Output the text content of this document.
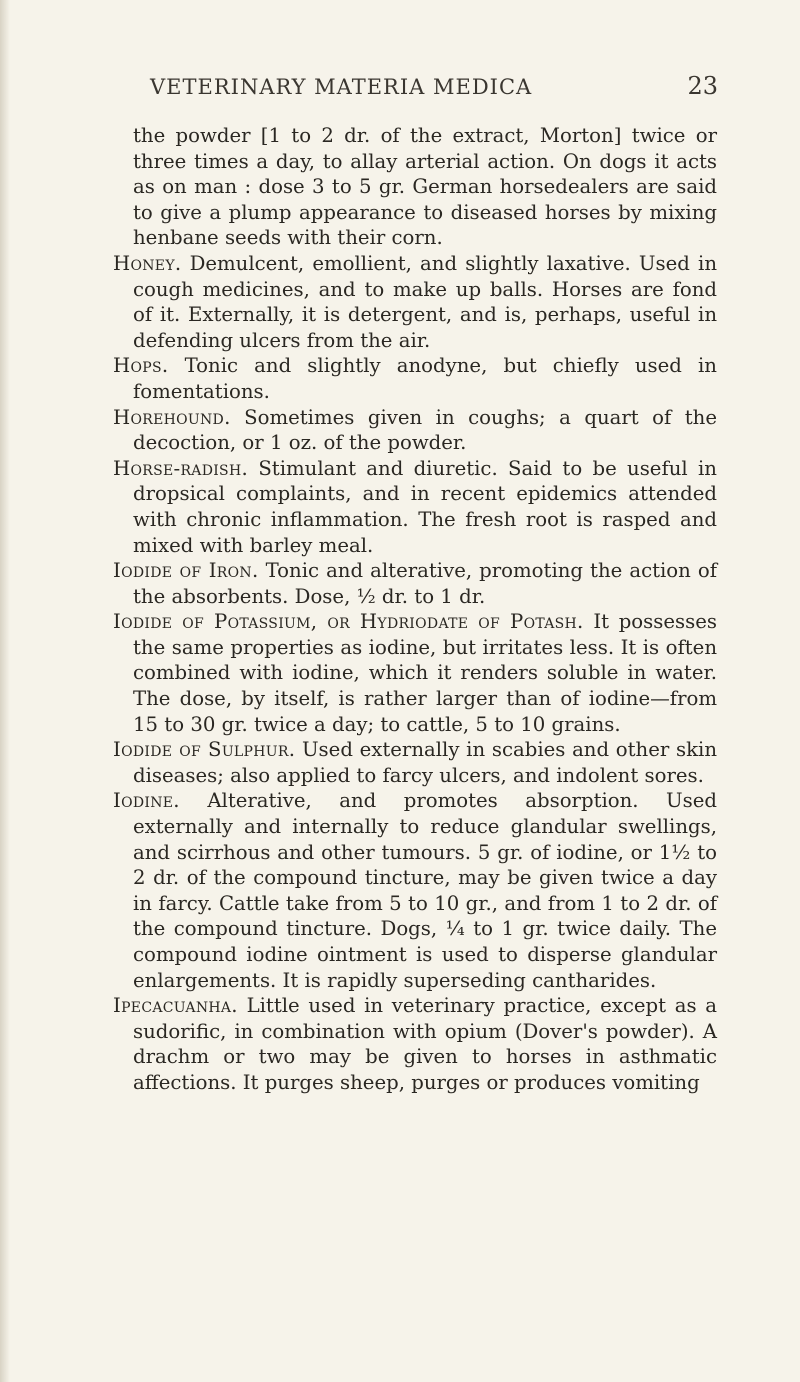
VETERINARY MATERIA MEDICA	23

the powder [1 to 2 dr. of the extract, Morton] twice or three times a day, to allay arterial action. On dogs it acts as on man : dose 3 to 5 gr. German horsedealers are said to give a plump appearance to diseased horses by mixing henbane seeds with their corn.

Honey. Demulcent, emollient, and slightly laxative. Used in cough medicines, and to make up balls. Horses are fond of it. Externally, it is detergent, and is, perhaps, useful in defending ulcers from the air.

Hops. Tonic and slightly anodyne, but chiefly used in fomentations.

Horehound. Sometimes given in coughs; a quart of the decoction, or 1 oz. of the powder.

Horse-radish. Stimulant and diuretic. Said to be useful in dropsical complaints, and in recent epidemics attended with chronic inflammation. The fresh root is rasped and mixed with barley meal.

Iodide of Iron. Tonic and alterative, promoting the action of the absorbents. Dose, ½ dr. to 1 dr.

Iodide of Potassium, or Hydriodate of Potash. It possesses the same properties as iodine, but irritates less. It is often combined with iodine, which it renders soluble in water. The dose, by itself, is rather larger than of iodine—from 15 to 30 gr. twice a day; to cattle, 5 to 10 grains.

Iodide of Sulphur. Used externally in scabies and other skin diseases; also applied to farcy ulcers, and indolent sores.

Iodine. Alterative, and promotes absorption. Used externally and internally to reduce glandular swellings, and scirrhous and other tumours. 5 gr. of iodine, or 1½ to 2 dr. of the compound tincture, may be given twice a day in farcy. Cattle take from 5 to 10 gr., and from 1 to 2 dr. of the compound tincture. Dogs, ¼ to 1 gr. twice daily. The compound iodine ointment is used to disperse glandular enlargements. It is rapidly superseding cantharides.

Ipecacuanha. Little used in veterinary practice, except as a sudorific, in combination with opium (Dover's powder). A drachm or two may be given to horses in asthmatic affections. It purges sheep, purges or produces vomiting
